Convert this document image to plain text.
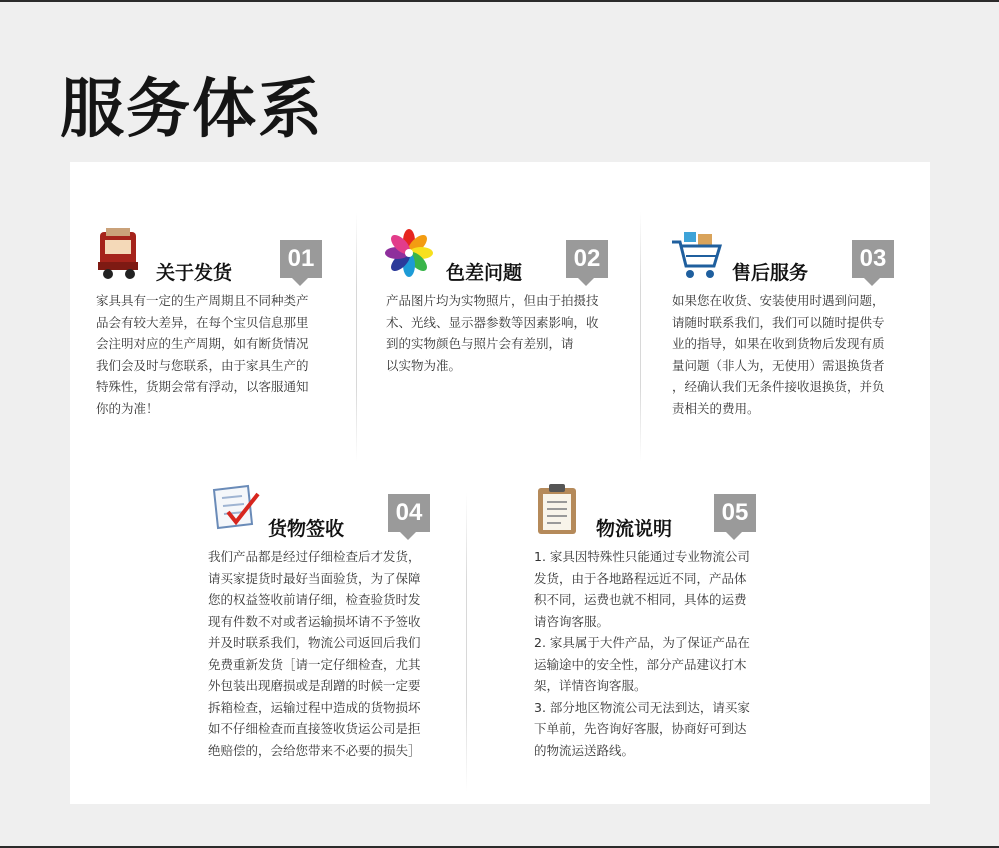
服务体系
关于发货
01
家具具有一定的生产周期且不同种类产
品会有较大差异，在每个宝贝信息那里
会注明对应的生产周期，如有断货情况
我们会及时与您联系，由于家具生产的
特殊性，货期会常有浮动，以客服通知
你的为准！
色差问题
02
产品图片均为实物照片，但由于拍摄技
术、光线、显示器参数等因素影响，收
到的实物颜色与照片会有差别，请
以实物为准。
售后服务
03
如果您在收货、安装使用时遇到问题，
请随时联系我们，我们可以随时提供专
业的指导，如果在收到货物后发现有质
量问题（非人为，无使用）需退换货者
，经确认我们无条件接收退换货，并负
责相关的费用。
货物签收
04
我们产品都是经过仔细检查后才发货，
请买家提货时最好当面验货，为了保障
您的权益签收前请仔细，检查验货时发
现有件数不对或者运输损坏请不予签收
并及时联系我们，物流公司返回后我们
免费重新发货［请一定仔细检查，尤其
外包装出现磨损或是刮蹭的时候一定要
拆箱检查，运输过程中造成的货物损坏
如不仔细检查而直接签收货运公司是拒
绝赔偿的，会给您带来不必要的损失］
物流说明
05
1. 家具因特殊性只能通过专业物流公司
发货，由于各地路程远近不同，产品体
积不同，运费也就不相同，具体的运费
请咨询客服。
2. 家具属于大件产品，为了保证产品在
运输途中的安全性，部分产品建议打木
架，详情咨询客服。
3. 部分地区物流公司无法到达，请买家
下单前，先咨询好客服，协商好可到达
的物流运送路线。
